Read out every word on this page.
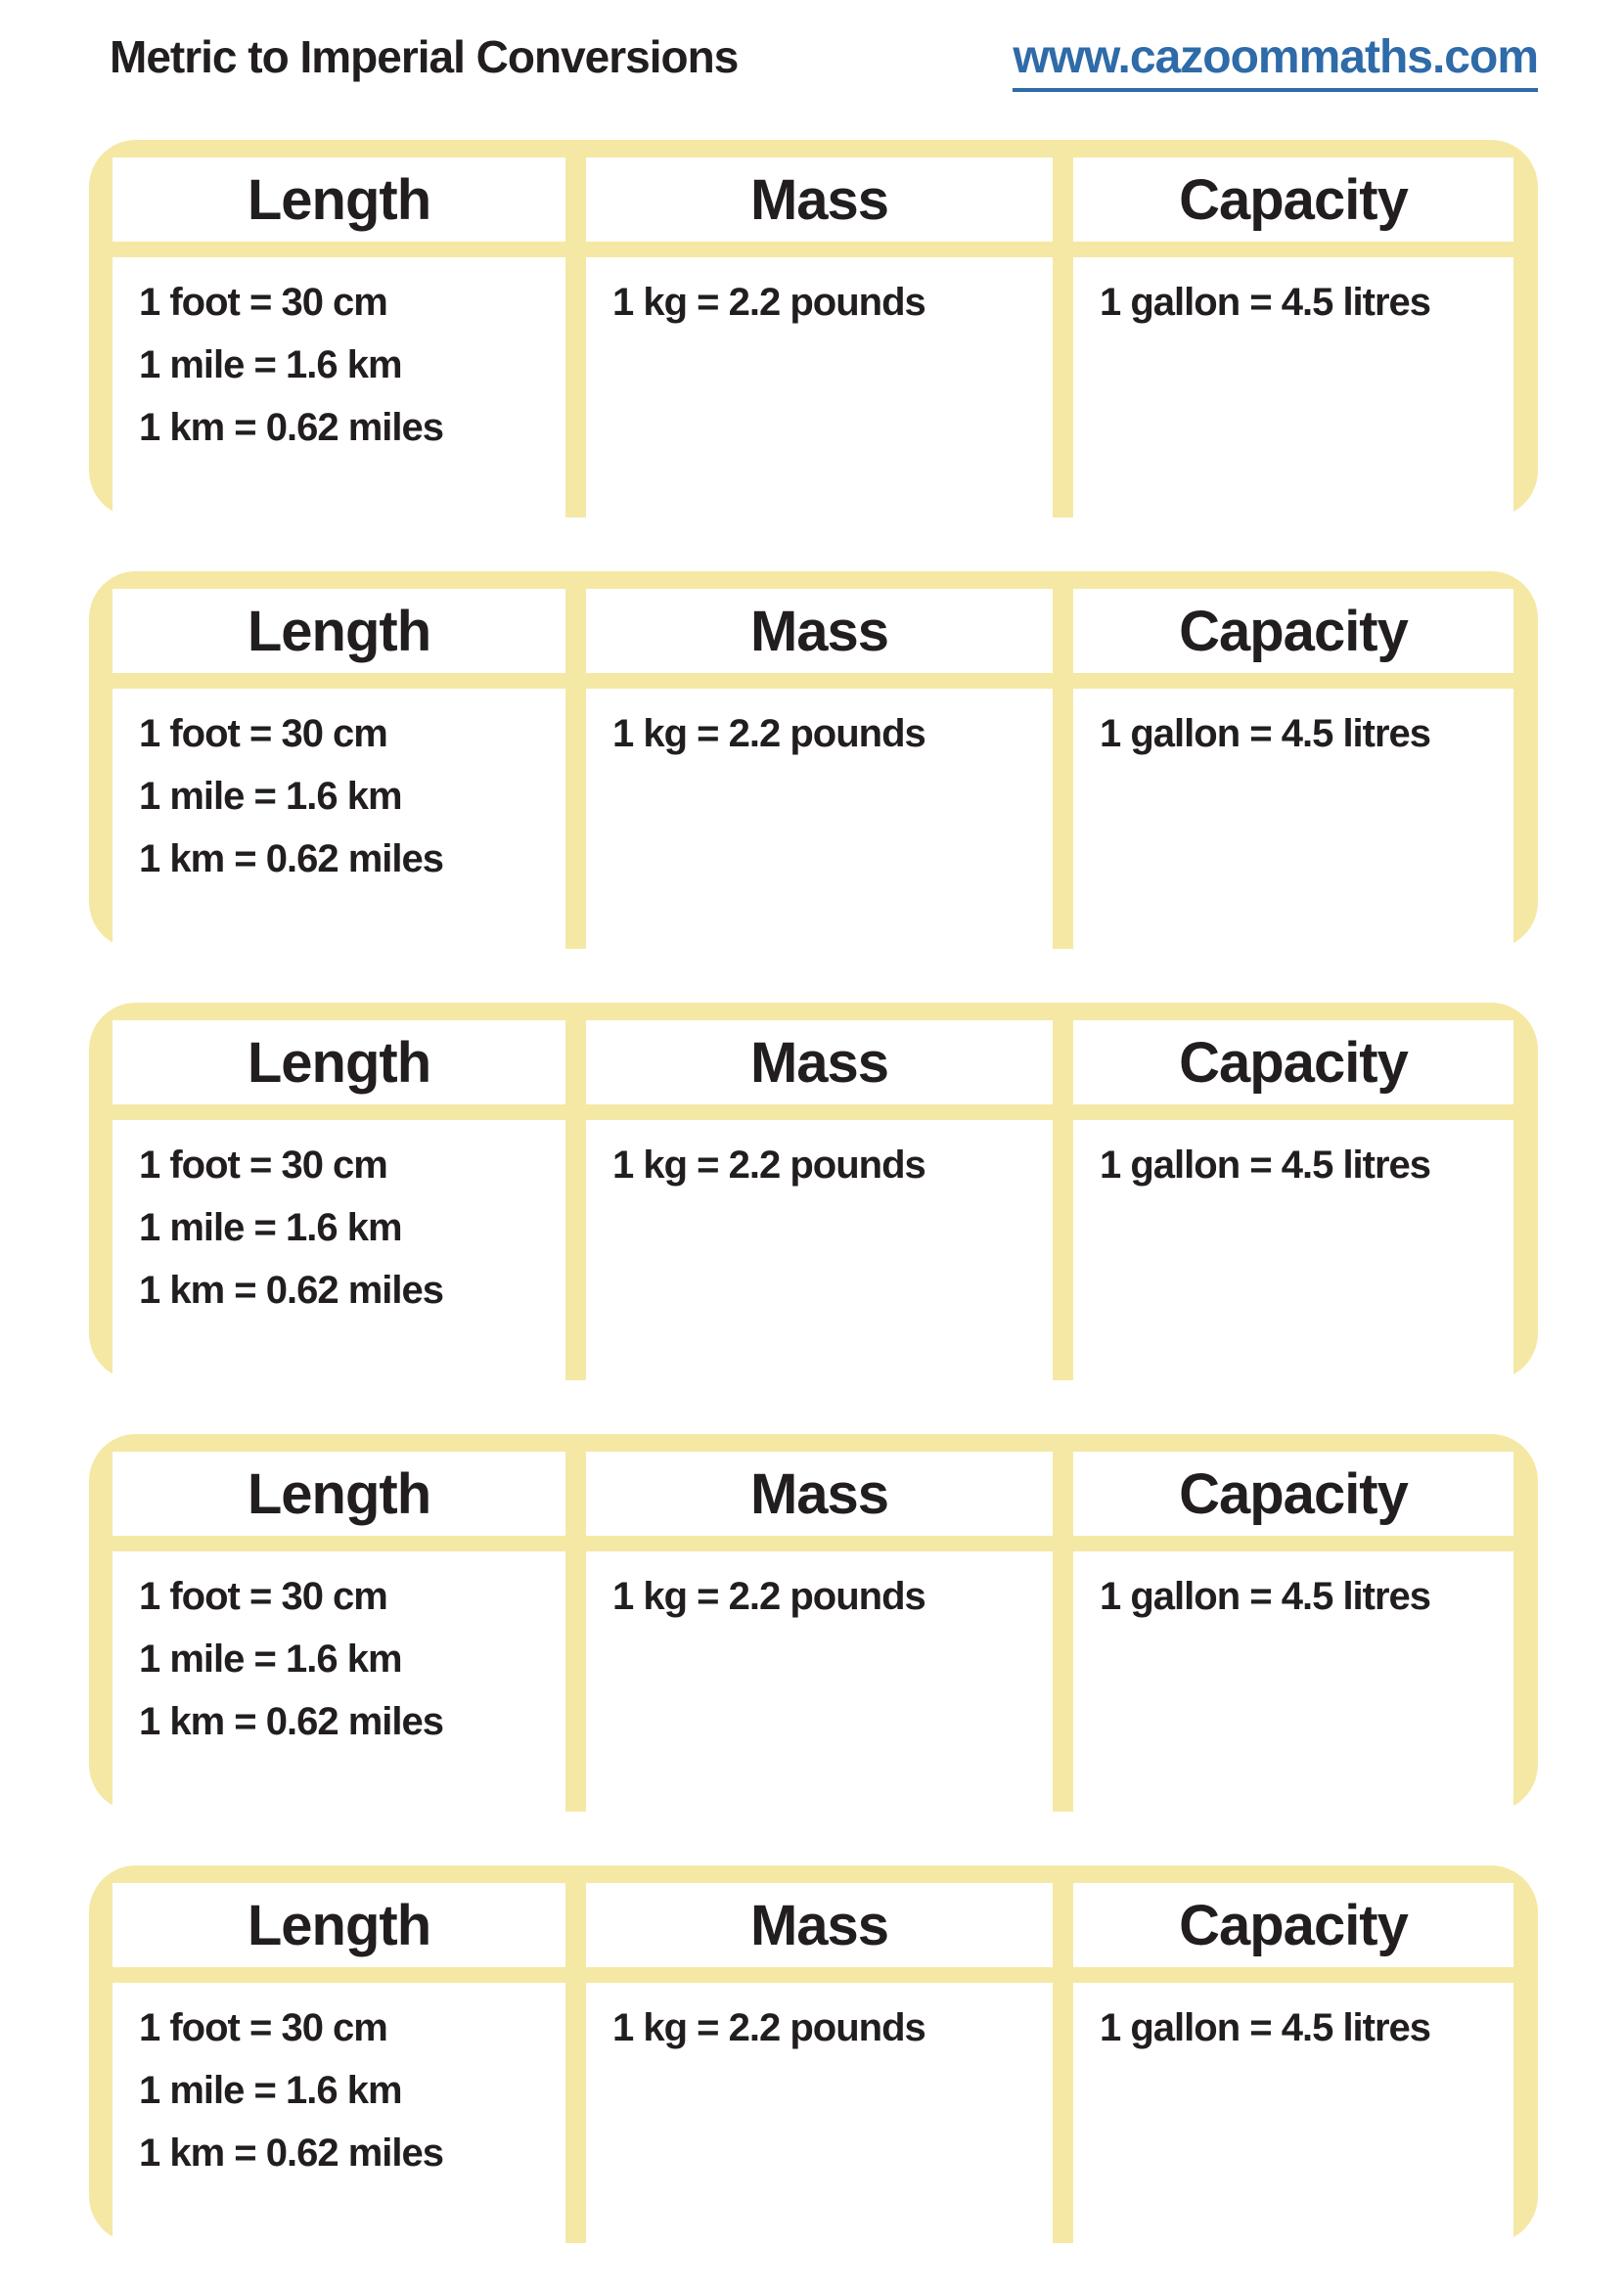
Metric to Imperial Conversions	www.cazoommaths.com
Length	Mass	Capacity
1 foot = 30 cm
1 mile = 1.6 km
1 km = 0.62 miles
1 kg = 2.2 pounds	1 gallon = 4.5 litres
Length	Mass	Capacity
1 foot = 30 cm
1 mile = 1.6 km
1 km = 0.62 miles
1 kg = 2.2 pounds	1 gallon = 4.5 litres
Length	Mass	Capacity
1 foot = 30 cm
1 mile = 1.6 km
1 km = 0.62 miles
1 kg = 2.2 pounds	1 gallon = 4.5 litres
Length	Mass	Capacity
1 foot = 30 cm
1 mile = 1.6 km
1 km = 0.62 miles
1 kg = 2.2 pounds	1 gallon = 4.5 litres
Length	Mass	Capacity
1 foot = 30 cm
1 mile = 1.6 km
1 km = 0.62 miles
1 kg = 2.2 pounds	1 gallon = 4.5 litres
